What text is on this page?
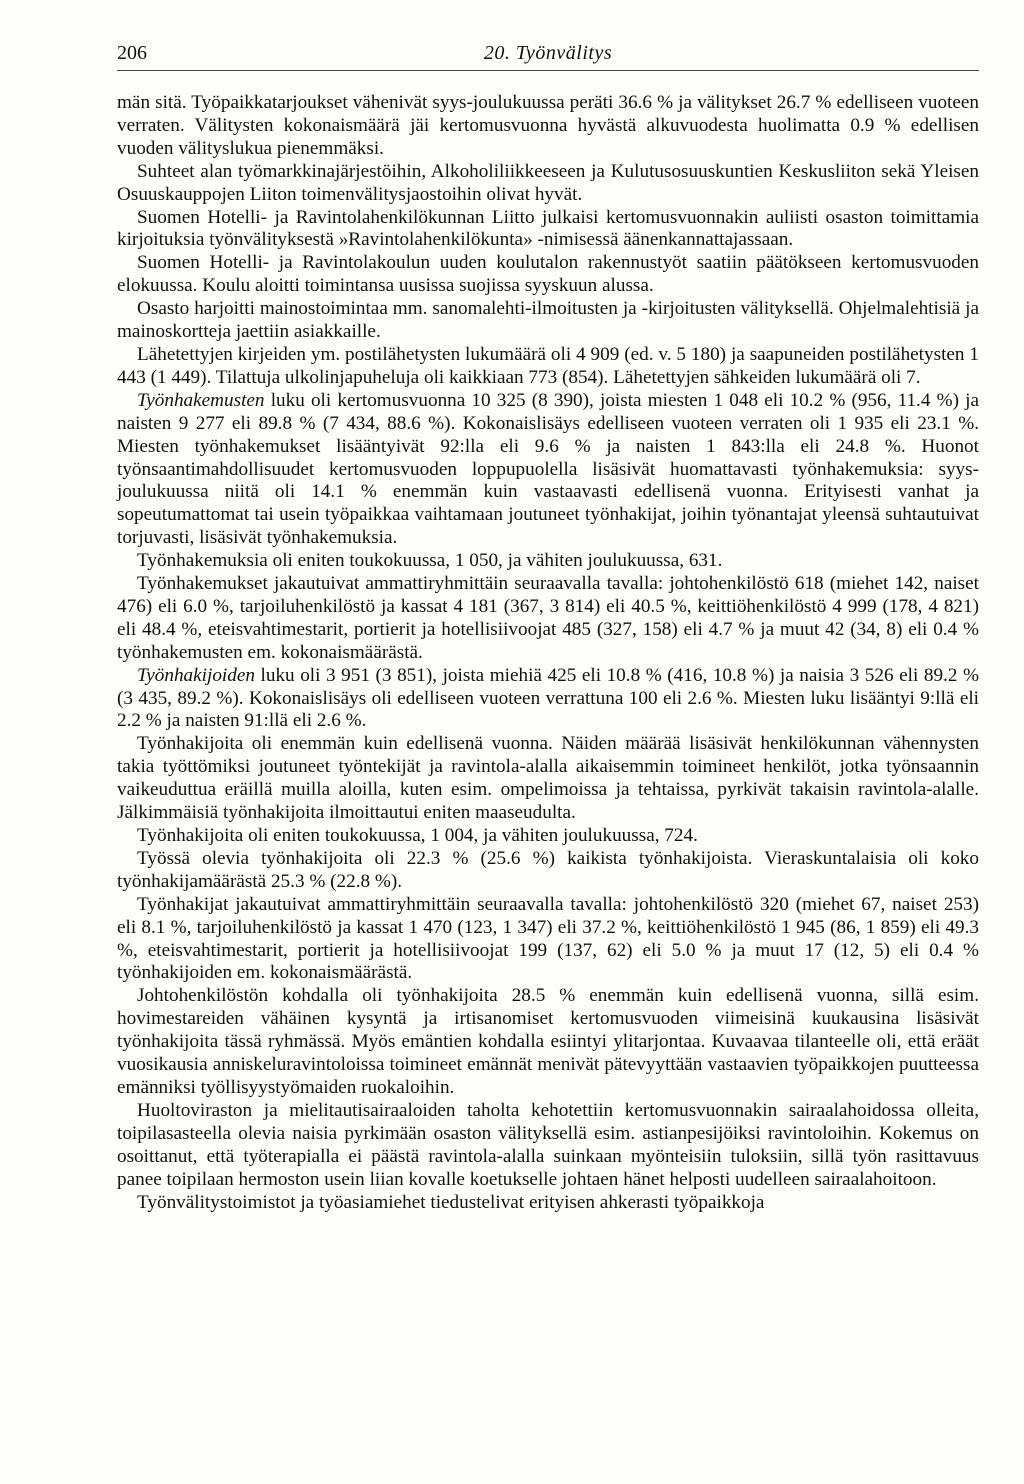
206	20. Työnvälitys

män sitä. Työpaikkatarjoukset vähenivät syys-joulukuussa peräti 36.6 % ja välitykset 26.7 % edelliseen vuoteen verraten. Välitysten kokonaismäärä jäi kertomusvuonna hyvästä alkuvuodesta huolimatta 0.9 % edellisen vuoden välityslukua pienemmäksi.

Suhteet alan työmarkkinajärjestöihin, Alkoholiliikkeeseen ja Kulutusosuuskuntien Keskusliiton sekä Yleisen Osuuskauppojen Liiton toimenvälitysjaostoihin olivat hyvät.

Suomen Hotelli- ja Ravintolahenkilökunnan Liitto julkaisi kertomusvuonnakin auliisti osaston toimittamia kirjoituksia työnvälityksestä »Ravintolahenkilökunta» -nimisessä äänenkannattajassaan.

Suomen Hotelli- ja Ravintolakoulun uuden koulutalon rakennustyöt saatiin päätökseen kertomusvuoden elokuussa. Koulu aloitti toimintansa uusissa suojissa syyskuun alussa.

Osasto harjoitti mainostoimintaa mm. sanomalehti-ilmoitusten ja -kirjoitusten välityksellä. Ohjelmalehtisiä ja mainoskortteja jaettiin asiakkaille.

Lähetettyjen kirjeiden ym. postilähetysten lukumäärä oli 4 909 (ed. v. 5 180) ja saapuneiden postilähetysten 1 443 (1 449). Tilattuja ulkolinjapuheluja oli kaikkiaan 773 (854). Lähetettyjen sähkeiden lukumäärä oli 7.

Työnhakemusten luku oli kertomusvuonna 10 325 (8 390), joista miesten 1 048 eli 10.2 % (956, 11.4 %) ja naisten 9 277 eli 89.8 % (7 434, 88.6 %). Kokonaislisäys edelliseen vuoteen verraten oli 1 935 eli 23.1 %. Miesten työnhakemukset lisääntyivät 92:lla eli 9.6 % ja naisten 1 843:lla eli 24.8 %. Huonot työnsaantimahdollisuudet kertomusvuoden loppupuolella lisäsivät huomattavasti työnhakemuksia: syys-joulukuussa niitä oli 14.1 % enemmän kuin vastaavasti edellisenä vuonna. Erityisesti vanhat ja sopeutumattomat tai usein työpaikkaa vaihtamaan joutuneet työnhakijat, joihin työnantajat yleensä suhtautuivat torjuvasti, lisäsivät työnhakemuksia.

Työnhakemuksia oli eniten toukokuussa, 1 050, ja vähiten joulukuussa, 631.

Työnhakemukset jakautuivat ammattiryhmittäin seuraavalla tavalla: johtohenkilöstö 618 (miehet 142, naiset 476) eli 6.0 %, tarjoiluhenkilöstö ja kassat 4 181 (367, 3 814) eli 40.5 %, keittiöhenkilöstö 4 999 (178, 4 821) eli 48.4 %, eteisvahtimestarit, portierit ja hotellisiivoojat 485 (327, 158) eli 4.7 % ja muut 42 (34, 8) eli 0.4 % työnhakemusten em. kokonaismäärästä.

Työnhakijoiden luku oli 3 951 (3 851), joista miehiä 425 eli 10.8 % (416, 10.8 %) ja naisia 3 526 eli 89.2 % (3 435, 89.2 %). Kokonaislisäys oli edelliseen vuoteen verrattuna 100 eli 2.6 %. Miesten luku lisääntyi 9:llä eli 2.2 % ja naisten 91:llä eli 2.6 %.

Työnhakijoita oli enemmän kuin edellisenä vuonna. Näiden määrää lisäsivät henkilökunnan vähennysten takia työttömiksi joutuneet työntekijät ja ravintola-alalla aikaisemmin toimineet henkilöt, jotka työnsaannin vaikeuduttua eräillä muilla aloilla, kuten esim. ompelimoissa ja tehtaissa, pyrkivät takaisin ravintola-alalle. Jälkimmäisiä työnhakijoita ilmoittautui eniten maaseudulta.

Työnhakijoita oli eniten toukokuussa, 1 004, ja vähiten joulukuussa, 724.

Työssä olevia työnhakijoita oli 22.3 % (25.6 %) kaikista työnhakijoista. Vieraskuntalaisia oli koko työnhakijamäärästä 25.3 % (22.8 %).

Työnhakijat jakautuivat ammattiryhmittäin seuraavalla tavalla: johtohenkilöstö 320 (miehet 67, naiset 253) eli 8.1 %, tarjoiluhenkilöstö ja kassat 1 470 (123, 1 347) eli 37.2 %, keittiöhenkilöstö 1 945 (86, 1 859) eli 49.3 %, eteisvahtimestarit, portierit ja hotellisiivoojat 199 (137, 62) eli 5.0 % ja muut 17 (12, 5) eli 0.4 % työnhakijoiden em. kokonaismäärästä.

Johtohenkilöstön kohdalla oli työnhakijoita 28.5 % enemmän kuin edellisenä vuonna, sillä esim. hovimestareiden vähäinen kysyntä ja irtisanomiset kertomusvuoden viimeisinä kuukausina lisäsivät työnhakijoita tässä ryhmässä. Myös emäntien kohdalla esiintyi ylitarjontaa. Kuvaavaa tilanteelle oli, että eräät vuosikausia anniskeluravintoloissa toimineet emännät menivät pätevyyttään vastaavien työpaikkojen puutteessa emänniksi työllisyystyömaiden ruokaloihin.

Huoltoviraston ja mielitautisairaaloiden taholta kehotettiin kertomusvuonnakin sairaalahoidossa olleita, toipilasasteella olevia naisia pyrkimään osaston välityksellä esim. astianpesijöiksi ravintoloihin. Kokemus on osoittanut, että työterapialla ei päästä ravintola-alalla suinkaan myönteisiin tuloksiin, sillä työn rasittavuus panee toipilaan hermoston usein liian kovalle koetukselle johtaen hänet helposti uudelleen sairaalahoitoon.

Työnvälitystoimistot ja työasiamiehet tiedustelivat erityisen ahkerasti työpaikkoja
